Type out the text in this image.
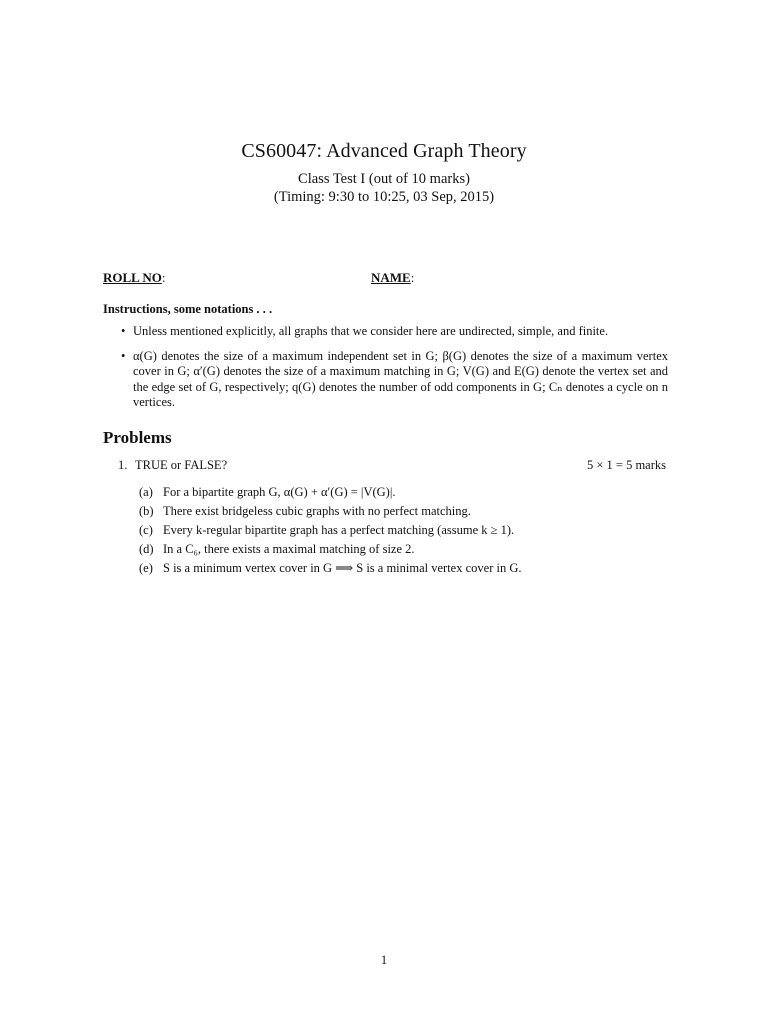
CS60047: Advanced Graph Theory
Class Test I (out of 10 marks)
(Timing: 9:30 to 10:25, 03 Sep, 2015)
ROLL NO:	NAME:
Instructions, some notations . . .
• Unless mentioned explicitly, all graphs that we consider here are undirected, simple, and finite.
• α(G) denotes the size of a maximum independent set in G; β(G) denotes the size of a maximum vertex cover in G; α′(G) denotes the size of a maximum matching in G; V(G) and E(G) denote the vertex set and the edge set of G, respectively; q(G) denotes the number of odd components in G; Cₙ denotes a cycle on n vertices.
Problems
1. TRUE or FALSE?	5 × 1 = 5 marks
(a) For a bipartite graph G, α(G) + α′(G) = |V(G)|.
(b) There exist bridgeless cubic graphs with no perfect matching.
(c) Every k-regular bipartite graph has a perfect matching (assume k ≥ 1).
(d) In a C₆, there exists a maximal matching of size 2.
(e) S is a minimum vertex cover in G ⟹ S is a minimal vertex cover in G.
1
